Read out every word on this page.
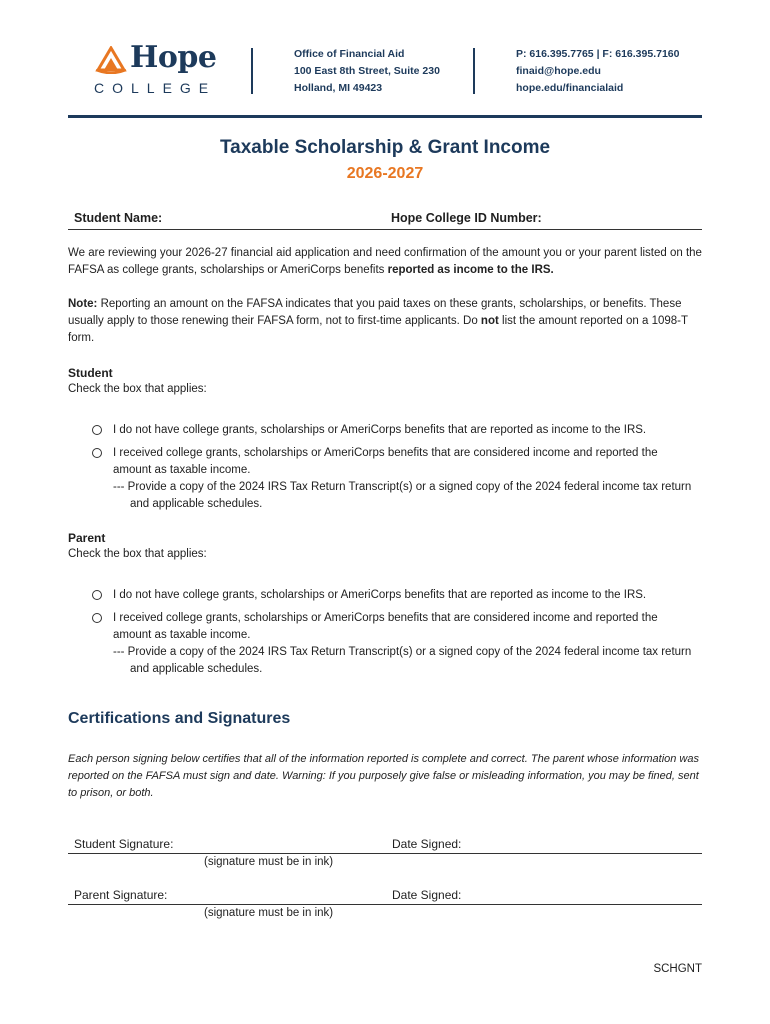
Hope
COLLEGE
Office of Financial Aid
100 East 8th Street, Suite 230
Holland, MI 49423
P: 616.395.7765 | F: 616.395.7160
finaid@hope.edu
hope.edu/financialaid
Taxable Scholarship & Grant Income
2026-2027
Student Name:	Hope College ID Number:
We are reviewing your 2026-27 financial aid application and need confirmation of the amount you or your parent listed on the FAFSA as college grants, scholarships or AmeriCorps benefits reported as income to the IRS.
Note: Reporting an amount on the FAFSA indicates that you paid taxes on these grants, scholarships, or benefits. These usually apply to those renewing their FAFSA form, not to first-time applicants. Do not list the amount reported on a 1098-T form.
Student
Check the box that applies:
I do not have college grants, scholarships or AmeriCorps benefits that are reported as income to the IRS.
I received college grants, scholarships or AmeriCorps benefits that are considered income and reported the amount as taxable income.
--- Provide a copy of the 2024 IRS Tax Return Transcript(s) or a signed copy of the 2024 federal income tax return and applicable schedules.
Parent
Check the box that applies:
I do not have college grants, scholarships or AmeriCorps benefits that are reported as income to the IRS.
I received college grants, scholarships or AmeriCorps benefits that are considered income and reported the amount as taxable income.
--- Provide a copy of the 2024 IRS Tax Return Transcript(s) or a signed copy of the 2024 federal income tax return and applicable schedules.
Certifications and Signatures
Each person signing below certifies that all of the information reported is complete and correct. The parent whose information was reported on the FAFSA must sign and date. Warning: If you purposely give false or misleading information, you may be fined, sent to prison, or both.
Student Signature:	Date Signed:
(signature must be in ink)
Parent Signature:	Date Signed:
(signature must be in ink)
SCHGNT
